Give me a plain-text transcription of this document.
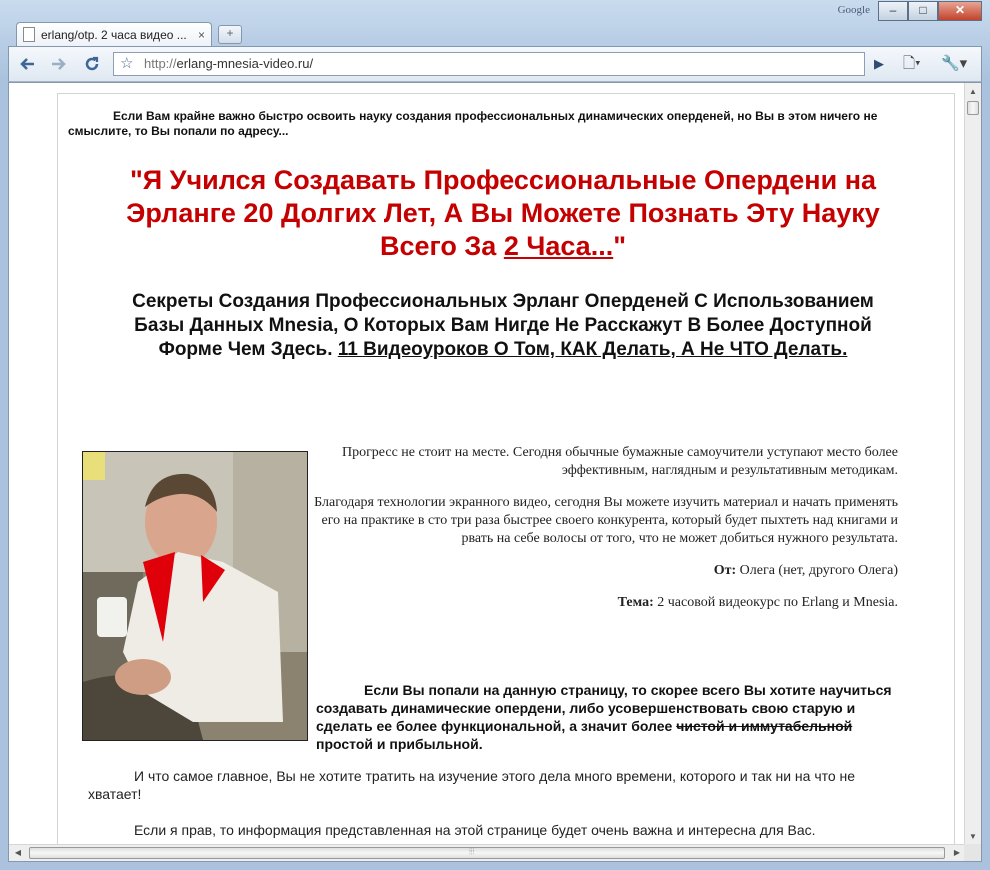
Google	–	□	✕
erlang/otp. 2 часа видео ... ×	+
☆ http://erlang-mnesia-video.ru/	▶	🗋▾	🔧▾
Если Вам крайне важно быстро освоить науку создания профессиональных динамических оперденей, но Вы в этом ничего не смыслите, то Вы попали по адресу...
"Я Учился Создавать Профессиональные Опердени на Эрланге 20 Долгих Лет, А Вы Можете Познать Эту Науку Всего За 2 Часа..."
Секреты Создания Профессиональных Эрланг Оперденей С Использованием Базы Данных Mnesia, О Которых Вам Нигде Не Расскажут В Более Доступной Форме Чем Здесь. 11 Видеоуроков О Том, КАК Делать, А Не ЧТО Делать.

Прогресс не стоит на месте. Сегодня обычные бумажные самоучители уступают место более эффективным, наглядным и результативным методикам.

Благодаря технологии экранного видео, сегодня Вы можете изучить материал и начать применять его на практике в сто три раза быстрее своего конкурента, который будет пыхтеть над книгами и рвать на себе волосы от того, что не может добиться нужного результата.

От: Олега (нет, другого Олега)

Тема: 2 часовой видеокурс по Erlang и Mnesia.

Если Вы попали на данную страницу, то скорее всего Вы хотите научиться создавать динамические опердени, либо усовершенствовать свою старую и сделать ее более функциональной, а значит более чистой и иммутабельной простой и прибыльной.
И что самое главное, Вы не хотите тратить на изучение этого дела много времени, которого и так ни на что не хватает!
Если я прав, то информация представленная на этой странице будет очень важна и интересна для Вас.
▲
▼
◀	⦙⦙⦙	▶
